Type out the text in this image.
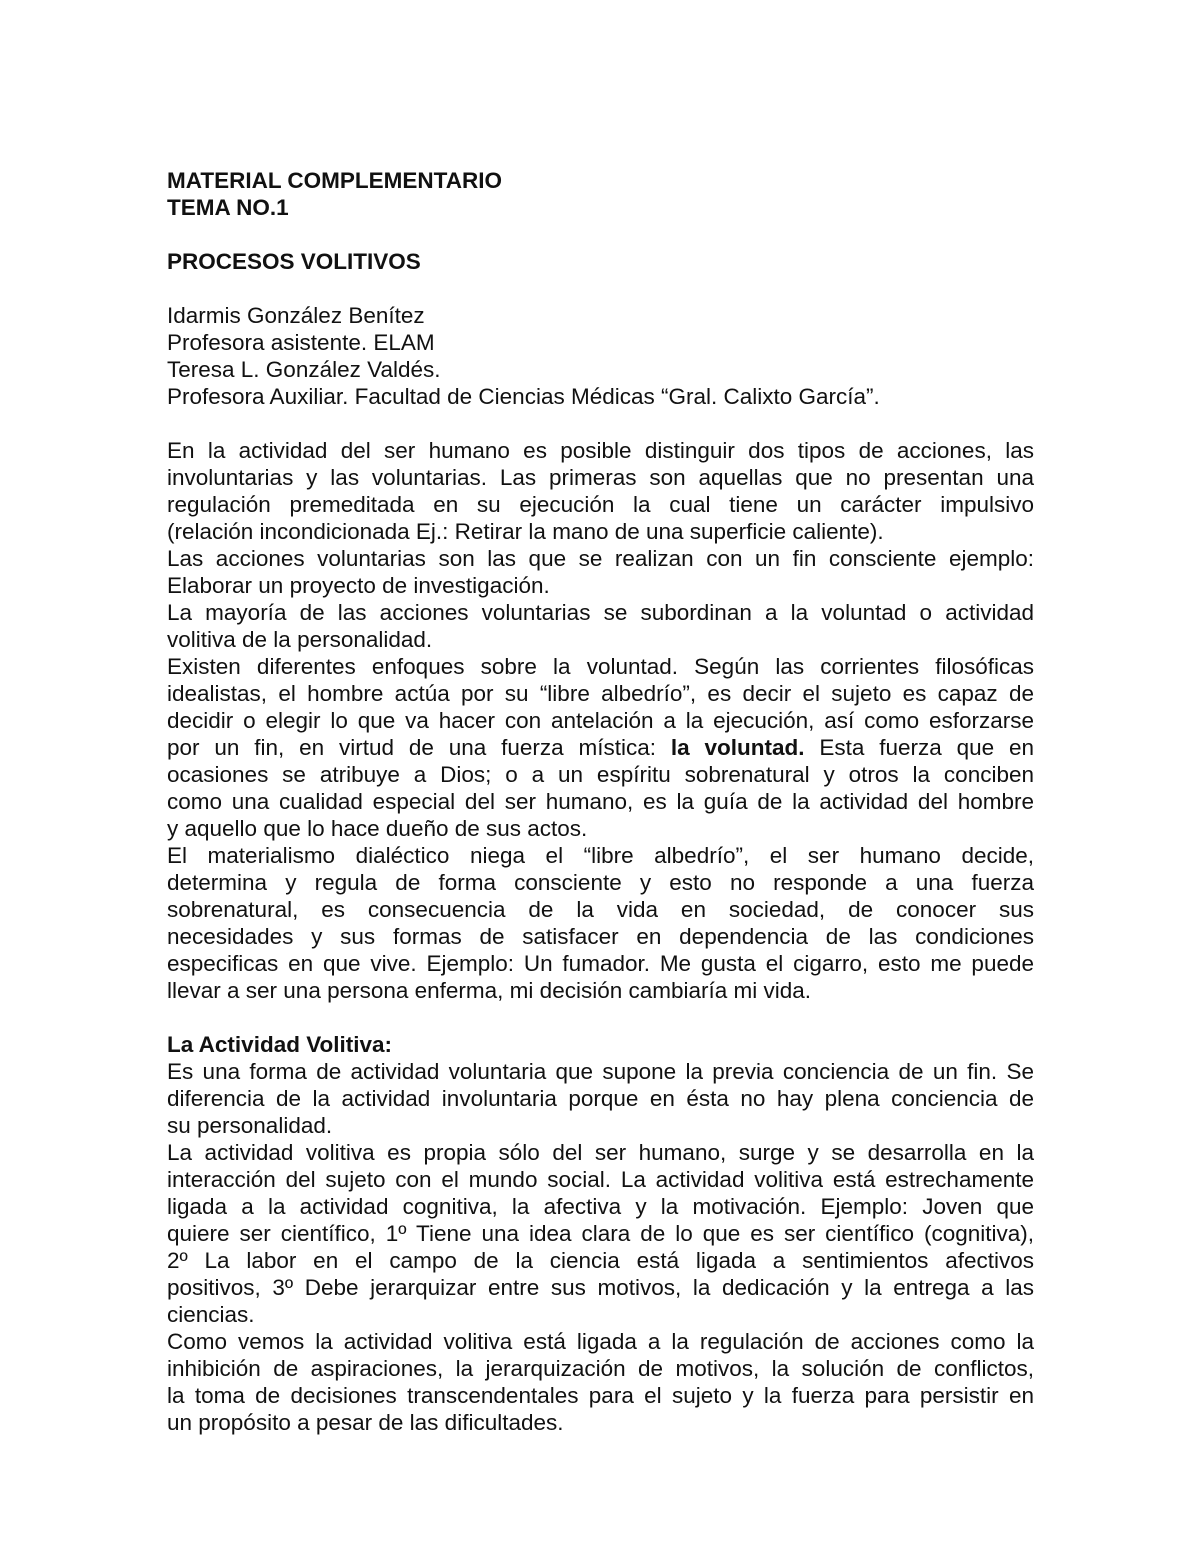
MATERIAL COMPLEMENTARIO
TEMA NO.1
PROCESOS VOLITIVOS
Idarmis González Benítez
Profesora asistente. ELAM
Teresa L. González Valdés.
Profesora Auxiliar. Facultad de Ciencias Médicas “Gral. Calixto García”.
En la actividad del ser humano es posible distinguir dos tipos de acciones, las
involuntarias y las voluntarias. Las primeras son aquellas que no presentan una
regulación premeditada en su ejecución la cual tiene un carácter impulsivo
(relación incondicionada Ej.: Retirar la mano de una superficie caliente).
Las acciones voluntarias son las que se realizan con un fin consciente ejemplo:
Elaborar un proyecto de investigación.
La mayoría de las acciones voluntarias se subordinan a la voluntad o actividad
volitiva de la personalidad.
Existen diferentes enfoques sobre la voluntad. Según las corrientes filosóficas
idealistas, el hombre actúa por su “libre albedrío”, es decir el sujeto es capaz de
decidir o elegir lo que va hacer con antelación a la ejecución, así como esforzarse
por un fin, en virtud de una fuerza mística: la voluntad. Esta fuerza que en
ocasiones se atribuye a Dios; o a un espíritu sobrenatural y otros la conciben
como una cualidad especial del ser humano, es la guía de la actividad del hombre
y aquello que lo hace dueño de sus actos.
El materialismo dialéctico niega el “libre albedrío”, el ser humano decide,
determina y regula de forma consciente y esto no responde a una fuerza
sobrenatural, es consecuencia de la vida en sociedad, de conocer sus
necesidades y sus formas de satisfacer en dependencia de las condiciones
especificas en que vive. Ejemplo: Un fumador. Me gusta el cigarro, esto me puede
llevar a ser una persona enferma, mi decisión cambiaría mi vida.
La Actividad Volitiva:
Es una forma de actividad voluntaria que supone la previa conciencia de un fin. Se
diferencia de la actividad involuntaria porque en ésta no hay plena conciencia de
su personalidad.
La actividad volitiva es propia sólo del ser humano, surge y se desarrolla en la
interacción del sujeto con el mundo social. La actividad volitiva está estrechamente
ligada a la actividad cognitiva, la afectiva y la motivación. Ejemplo: Joven que
quiere ser científico, 1º Tiene una idea clara de lo que es ser científico (cognitiva),
2º La labor en el campo de la ciencia está ligada a sentimientos afectivos
positivos, 3º Debe jerarquizar entre sus motivos, la dedicación y la entrega a las
ciencias.
Como vemos la actividad volitiva está ligada a la regulación de acciones como la
inhibición de aspiraciones, la jerarquización de motivos, la solución de conflictos,
la toma de decisiones transcendentales para el sujeto y la fuerza para persistir en
un propósito a pesar de las dificultades.
